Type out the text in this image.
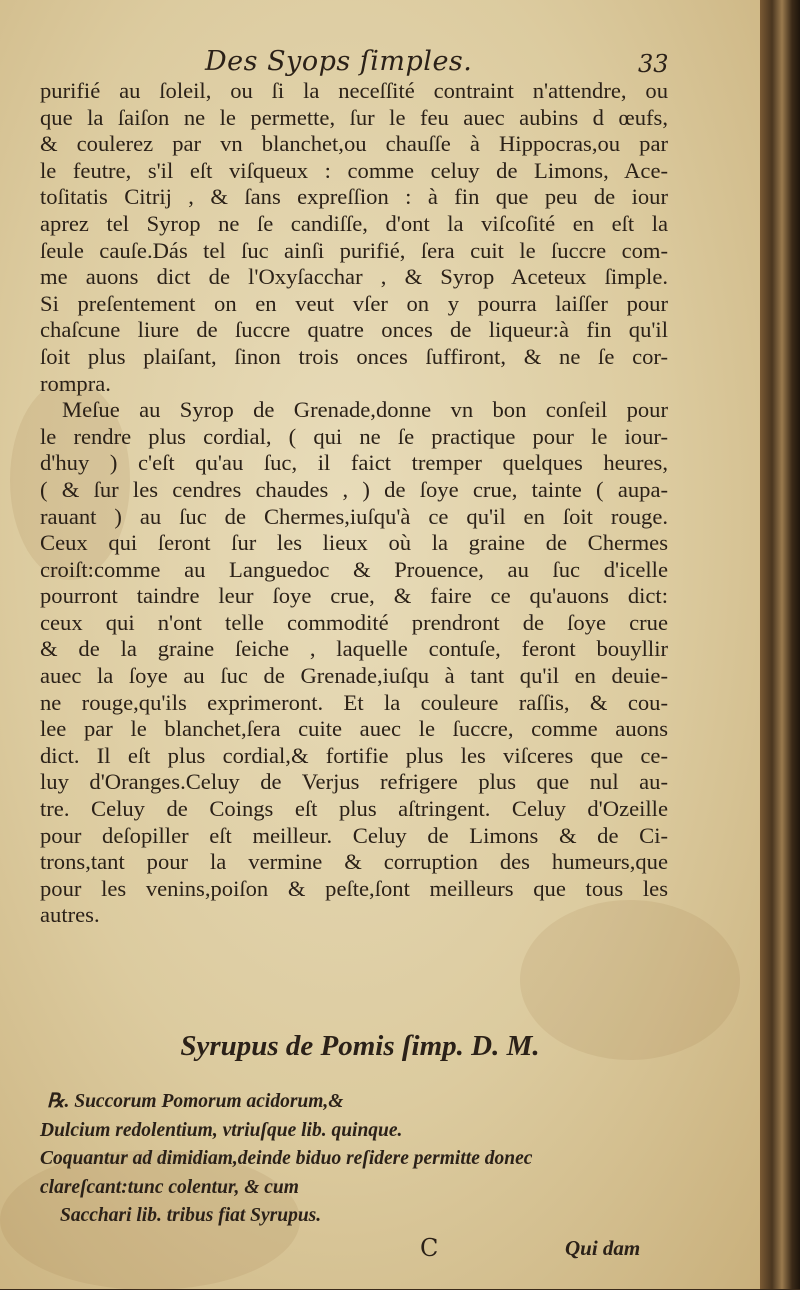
Des Syops ſimples.	33
purifié au ſoleil, ou ſi la neceſſité contraint n'attendre, ou
que la ſaiſon ne le permette, ſur le feu auec aubins d œufs,
& coulerez par vn blanchet,ou chauſſe à Hippocras,ou par
le feutre, s'il eſt viſqueux : comme celuy de Limons, Ace-
toſitatis Citrij , & ſans expreſſion : à fin que peu de iour
aprez tel Syrop ne ſe candiſſe, d'ont la viſcoſité en eſt la
ſeule cauſe.Dás tel ſuc ainſi purifié, ſera cuit le ſuccre com-
me auons dict de l'Oxyſacchar , & Syrop Aceteux ſimple.
Si preſentement on en veut vſer on y pourra laiſſer pour
chaſcune liure de ſuccre quatre onces de liqueur:à fin qu'il
ſoit plus plaiſant, ſinon trois onces ſuffiront, & ne ſe cor-
rompra.
Meſue au Syrop de Grenade,donne vn bon conſeil pour
le rendre plus cordial, ( qui ne ſe practique pour le iour-
d'huy ) c'eſt qu'au ſuc, il faict tremper quelques heures,
( & ſur les cendres chaudes , ) de ſoye crue, tainte ( aupa-
rauant ) au ſuc de Chermes,iuſqu'à ce qu'il en ſoit rouge.
Ceux qui ſeront ſur les lieux où la graine de Chermes
croiſt:comme au Languedoc & Prouence, au ſuc d'icelle
pourront taindre leur ſoye crue, & faire ce qu'auons dict:
ceux qui n'ont telle commodité prendront de ſoye crue
& de la graine ſeiche , laquelle contuſe, feront bouyllir
auec la ſoye au ſuc de Grenade,iuſqu à tant qu'il en deuie-
ne rouge,qu'ils exprimeront. Et la couleure raſſis, & cou-
lee par le blanchet,ſera cuite auec le ſuccre, comme auons
dict. Il eſt plus cordial,& fortifie plus les viſceres que ce-
luy d'Oranges.Celuy de Verjus refrigere plus que nul au-
tre. Celuy de Coings eſt plus aſtringent. Celuy d'Ozeille
pour deſopiller eſt meilleur. Celuy de Limons & de Ci-
trons,tant pour la vermine & corruption des humeurs,que
pour les venins,poiſon & peſte,ſont meilleurs que tous les
autres.
Syrupus de Pomis ſimp. D. M.
℞. Succorum Pomorum acidorum,&
Dulcium redolentium, vtriuſque lib. quinque.
Coquantur ad dimidiam,deinde biduo reſidere permitte donec
clareſcant:tunc colentur, & cum
Sacchari lib. tribus fiat Syrupus.
C	Qui dam
